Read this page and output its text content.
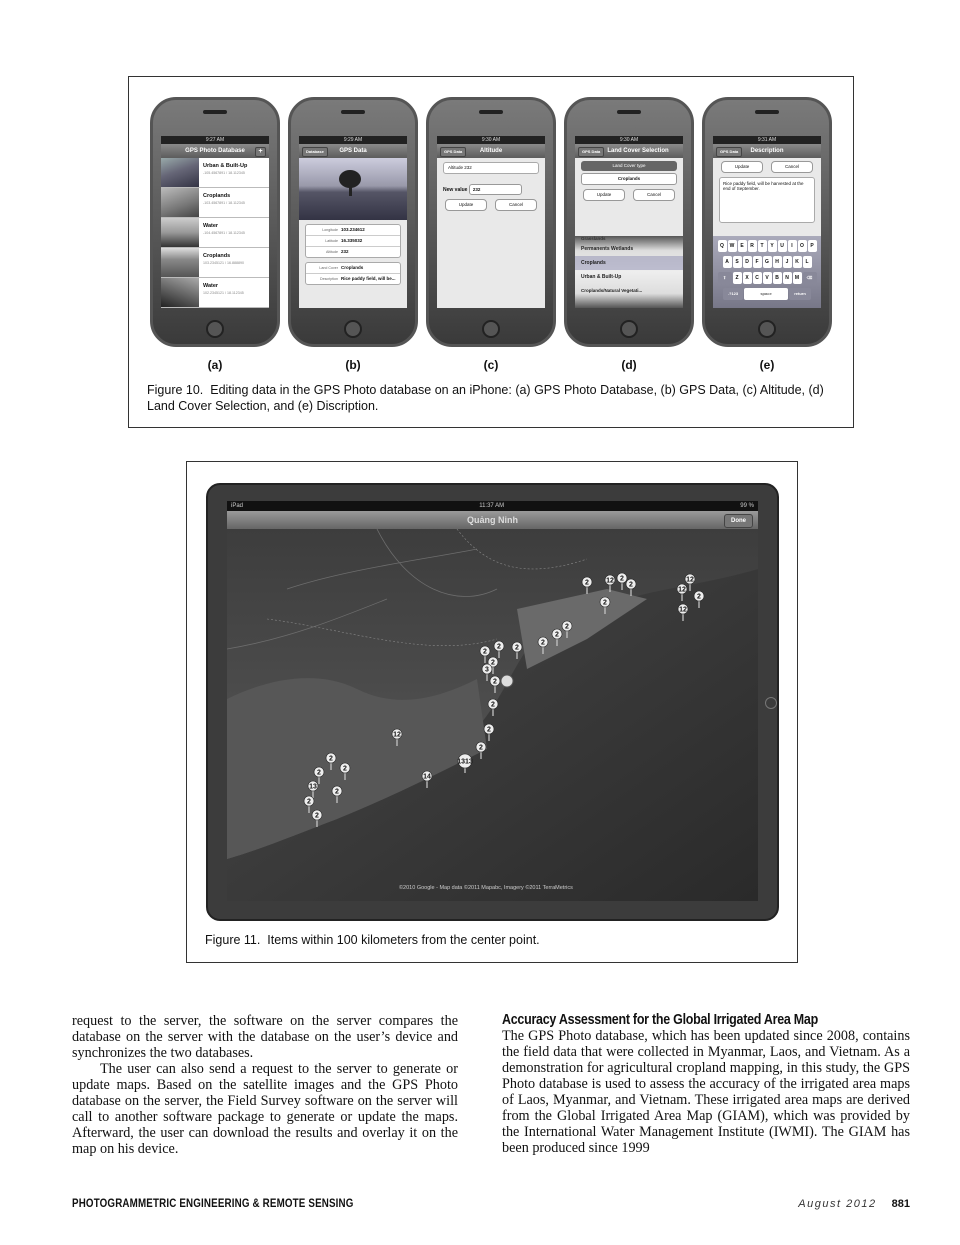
9:27 AM
GPS Photo Database	+
Urban & Built-Up
-105.4567891 / 18.112345
Croplands
-103.4567891 / 18.112345
Water
-104.4567891 / 18.112345
Croplands
103.2345121 / 16.888890
Water
102.2345121 / 18.112345
9:29 AM
Database	GPS Data
Longitude 103.234612
Latitude 16.335032
Altitude 232
Land Cover Croplands
Description Rice paddy field, will be...
9:30 AM
GPS Data	Altitude
Altitude 232
New value 232
Update	Cancel
9:30 AM
GPS Data	Land Cover Selection
Land Cover type
Croplands
Update	Cancel
Grasslands
Permanents Wetlands
Croplands
Urban & Built-Up
Croplands/Natural Vegetati...
9:31 AM
GPS Data	Description
Update	Cancel
Rice paddy field, will be harvested at the end of September.
Q	W	E	R	T	Y	U	I	O	P
A	S	D	F	G	H	J	K	L
⇧	Z	X	C	V	B	N	M	⌫
.?123	space	return
(a)	(b)	(c)	(d)	(e)
Figure 10. Editing data in the GPS Photo database on an iPhone: (a) GPS Photo Database, (b) GPS Data, (c) Altitude, (d) Land Cover Selection, and (e) Discription.
iPad	11:37 AM	99 %
Quảng Ninh	Done
2
12
2
12
12
2
12
2
2
2
2
2
2
2
2
2
3
2
2
2
2
12
2
2
2
13
2
2
14
1313
2
©2010 Google - Map data ©2011 Mapabc, Imagery ©2011 TerraMetrics
Figure 11.  Items within 100 kilometers from the center point.

request to the server, the software on the server compares the database on the server with the database on the user’s device and synchronizes the two databases.

The user can also send a request to the server to generate or update maps. Based on the satellite images and the GPS Photo database on the server, the Field Survey software on the server will call to another software package to generate or update the maps. Afterward, the user can download the results and overlay it on the map on his device.

Accuracy Assessment for the Global Irrigated Area Map

The GPS Photo database, which has been updated since 2008, contains the field data that were collected in Myanmar, Laos, and Vietnam. As a demonstration for agricultural cropland mapping, in this study, the GPS Photo database is used to assess the accuracy of the irrigated area maps of Laos, Myanmar, and Vietnam. These irrigated area maps are derived from the Global Irrigated Area Map (GIAM), which was provided by the International Water Management Institute (IWMI). The GIAM has been produced since 1999

PHOTOGRAMMETRIC ENGINEERING & REMOTE SENSING	August 2012 881
